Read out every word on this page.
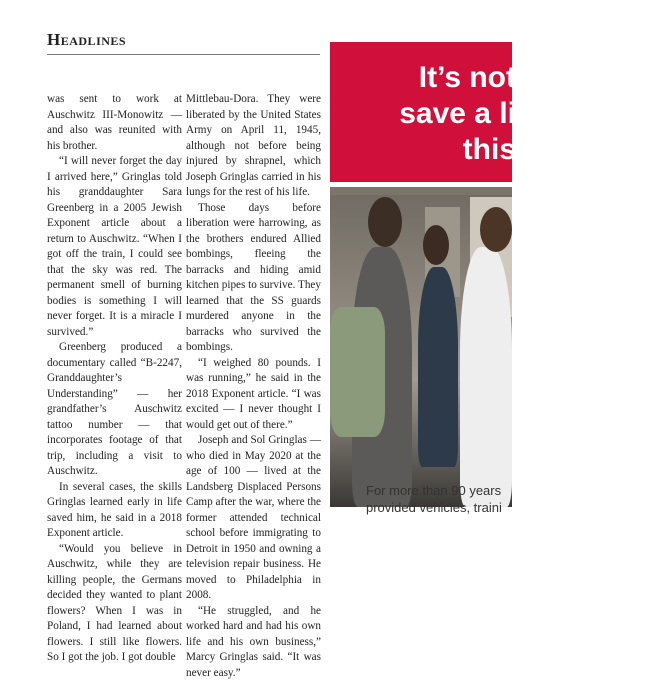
Headlines

was sent to work at Auschwitz III-Monowitz — and also was reunited with his brother.

“I will never forget the day I arrived here,” Gringlas told his granddaughter Sara Greenberg in a 2005 Jewish Exponent article about a return to Auschwitz. “When I got off the train, I could see that the sky was red. The permanent smell of burning bodies is something I will never forget. It is a miracle I survived.”

Greenberg produced a documentary called “B-2247, Granddaughter’s Understanding” — her grandfather’s Auschwitz tattoo number — that incorporates footage of that trip, including a visit to Auschwitz.

In several cases, the skills Gringlas learned early in life saved him, he said in a 2018 Exponent article.

“Would you believe in Auschwitz, while they are killing people, the Germans decided they wanted to plant flowers? When I was in Poland, I had learned about flowers. I still like flowers. So I got the job. I got double

Mittlebau-Dora. They were liberated by the United States Army on April 11, 1945, although not before being injured by shrapnel, which Joseph Gringlas carried in his lungs for the rest of his life.

Those days before liberation were harrowing, as the brothers endured Allied bombings, fleeing the barracks and hiding amid kitchen pipes to survive. They learned that the SS guards murdered anyone in the barracks who survived the bombings.

“I weighed 80 pounds. I was running,” he said in the 2018 Exponent article. “I was excited — I never thought I would get out of there.”

Joseph and Sol Gringlas — who died in May 2020 at the age of 100 — lived at the Landsberg Displaced Persons Camp after the war, where the former attended technical school before immigrating to Detroit in 1950 and owning a television repair business. He moved to Philadelphia in 2008.

“He struggled, and he worked hard and had his own life and his own business,” Marcy Gringlas said. “It was never easy.”

It’s not
save a li
this

For more than 90 years
provided vehicles, traini
